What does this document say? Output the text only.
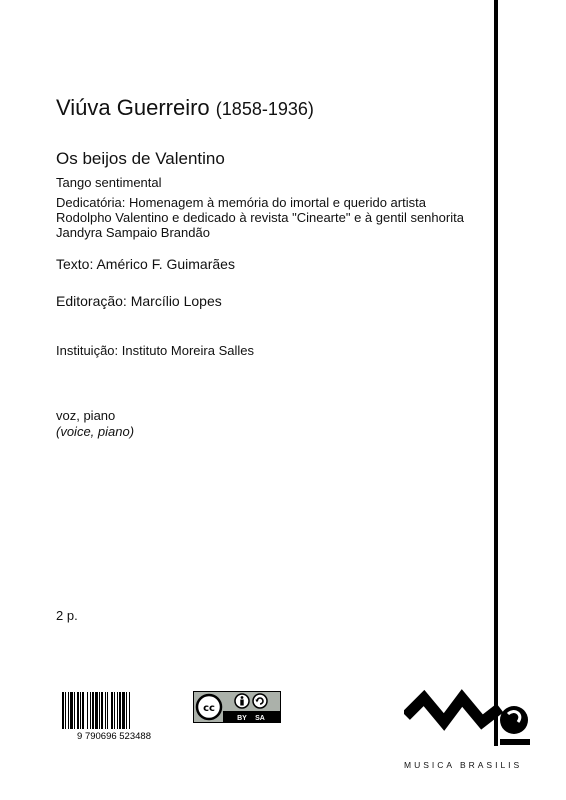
Viúva Guerreiro (1858-1936)
Os beijos de Valentino
Tango sentimental
Dedicatória: Homenagem à memória do imortal e querido artista
Rodolpho Valentino e dedicado à revista "Cinearte" e à gentil senhorita
Jandyra Sampaio Brandão
Texto: Américo F. Guimarães
Editoração: Marcílio Lopes
Instituição: Instituto Moreira Salles
voz, piano
(voice, piano)
2 p.
9 790696 523488
cc
BY SA
MUSICA BRASILIS
